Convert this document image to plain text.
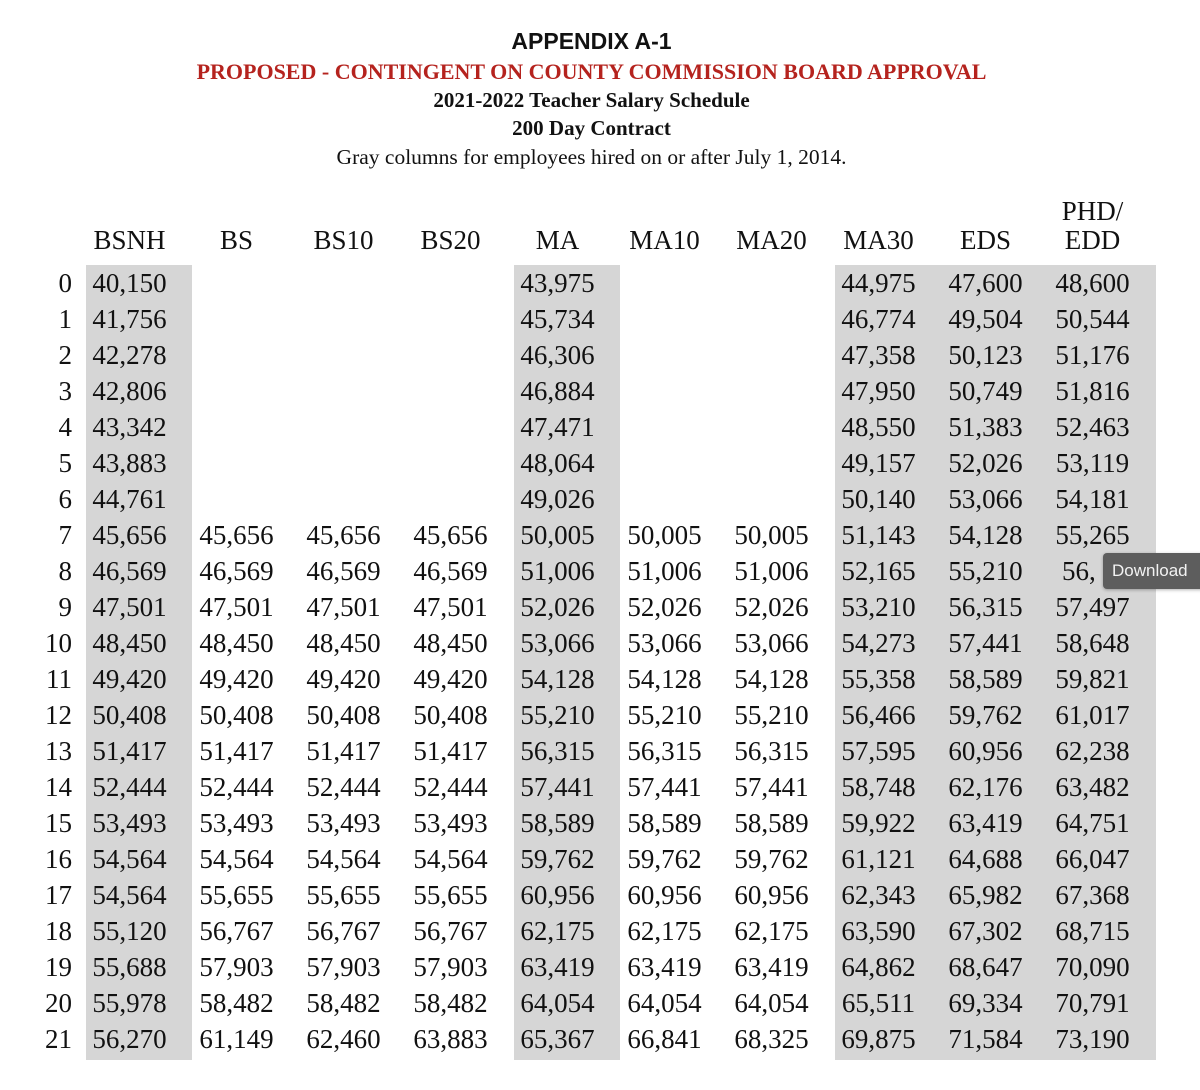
APPENDIX A-1
PROPOSED - CONTINGENT ON COUNTY COMMISSION BOARD APPROVAL
2021-2022 Teacher Salary Schedule
200 Day Contract
Gray columns for employees hired on or after July 1, 2014.
	BSNH	BS	BS10	BS20	MA	MA10	MA20	MA30	EDS	PHD/ EDD
0	40,150				43,975			44,975	47,600	48,600
1	41,756				45,734			46,774	49,504	50,544
2	42,278				46,306			47,358	50,123	51,176
3	42,806				46,884			47,950	50,749	51,816
4	43,342				47,471			48,550	51,383	52,463
5	43,883				48,064			49,157	52,026	53,119
6	44,761				49,026			50,140	53,066	54,181
7	45,656	45,656	45,656	45,656	50,005	50,005	50,005	51,143	54,128	55,265
8	46,569	46,569	46,569	46,569	51,006	51,006	51,006	52,165	55,210	56,
9	47,501	47,501	47,501	47,501	52,026	52,026	52,026	53,210	56,315	57,497
10	48,450	48,450	48,450	48,450	53,066	53,066	53,066	54,273	57,441	58,648
11	49,420	49,420	49,420	49,420	54,128	54,128	54,128	55,358	58,589	59,821
12	50,408	50,408	50,408	50,408	55,210	55,210	55,210	56,466	59,762	61,017
13	51,417	51,417	51,417	51,417	56,315	56,315	56,315	57,595	60,956	62,238
14	52,444	52,444	52,444	52,444	57,441	57,441	57,441	58,748	62,176	63,482
15	53,493	53,493	53,493	53,493	58,589	58,589	58,589	59,922	63,419	64,751
16	54,564	54,564	54,564	54,564	59,762	59,762	59,762	61,121	64,688	66,047
17	54,564	55,655	55,655	55,655	60,956	60,956	60,956	62,343	65,982	67,368
18	55,120	56,767	56,767	56,767	62,175	62,175	62,175	63,590	67,302	68,715
19	55,688	57,903	57,903	57,903	63,419	63,419	63,419	64,862	68,647	70,090
20	55,978	58,482	58,482	58,482	64,054	64,054	64,054	65,511	69,334	70,791
21	56,270	61,149	62,460	63,883	65,367	66,841	68,325	69,875	71,584	73,190
Download
